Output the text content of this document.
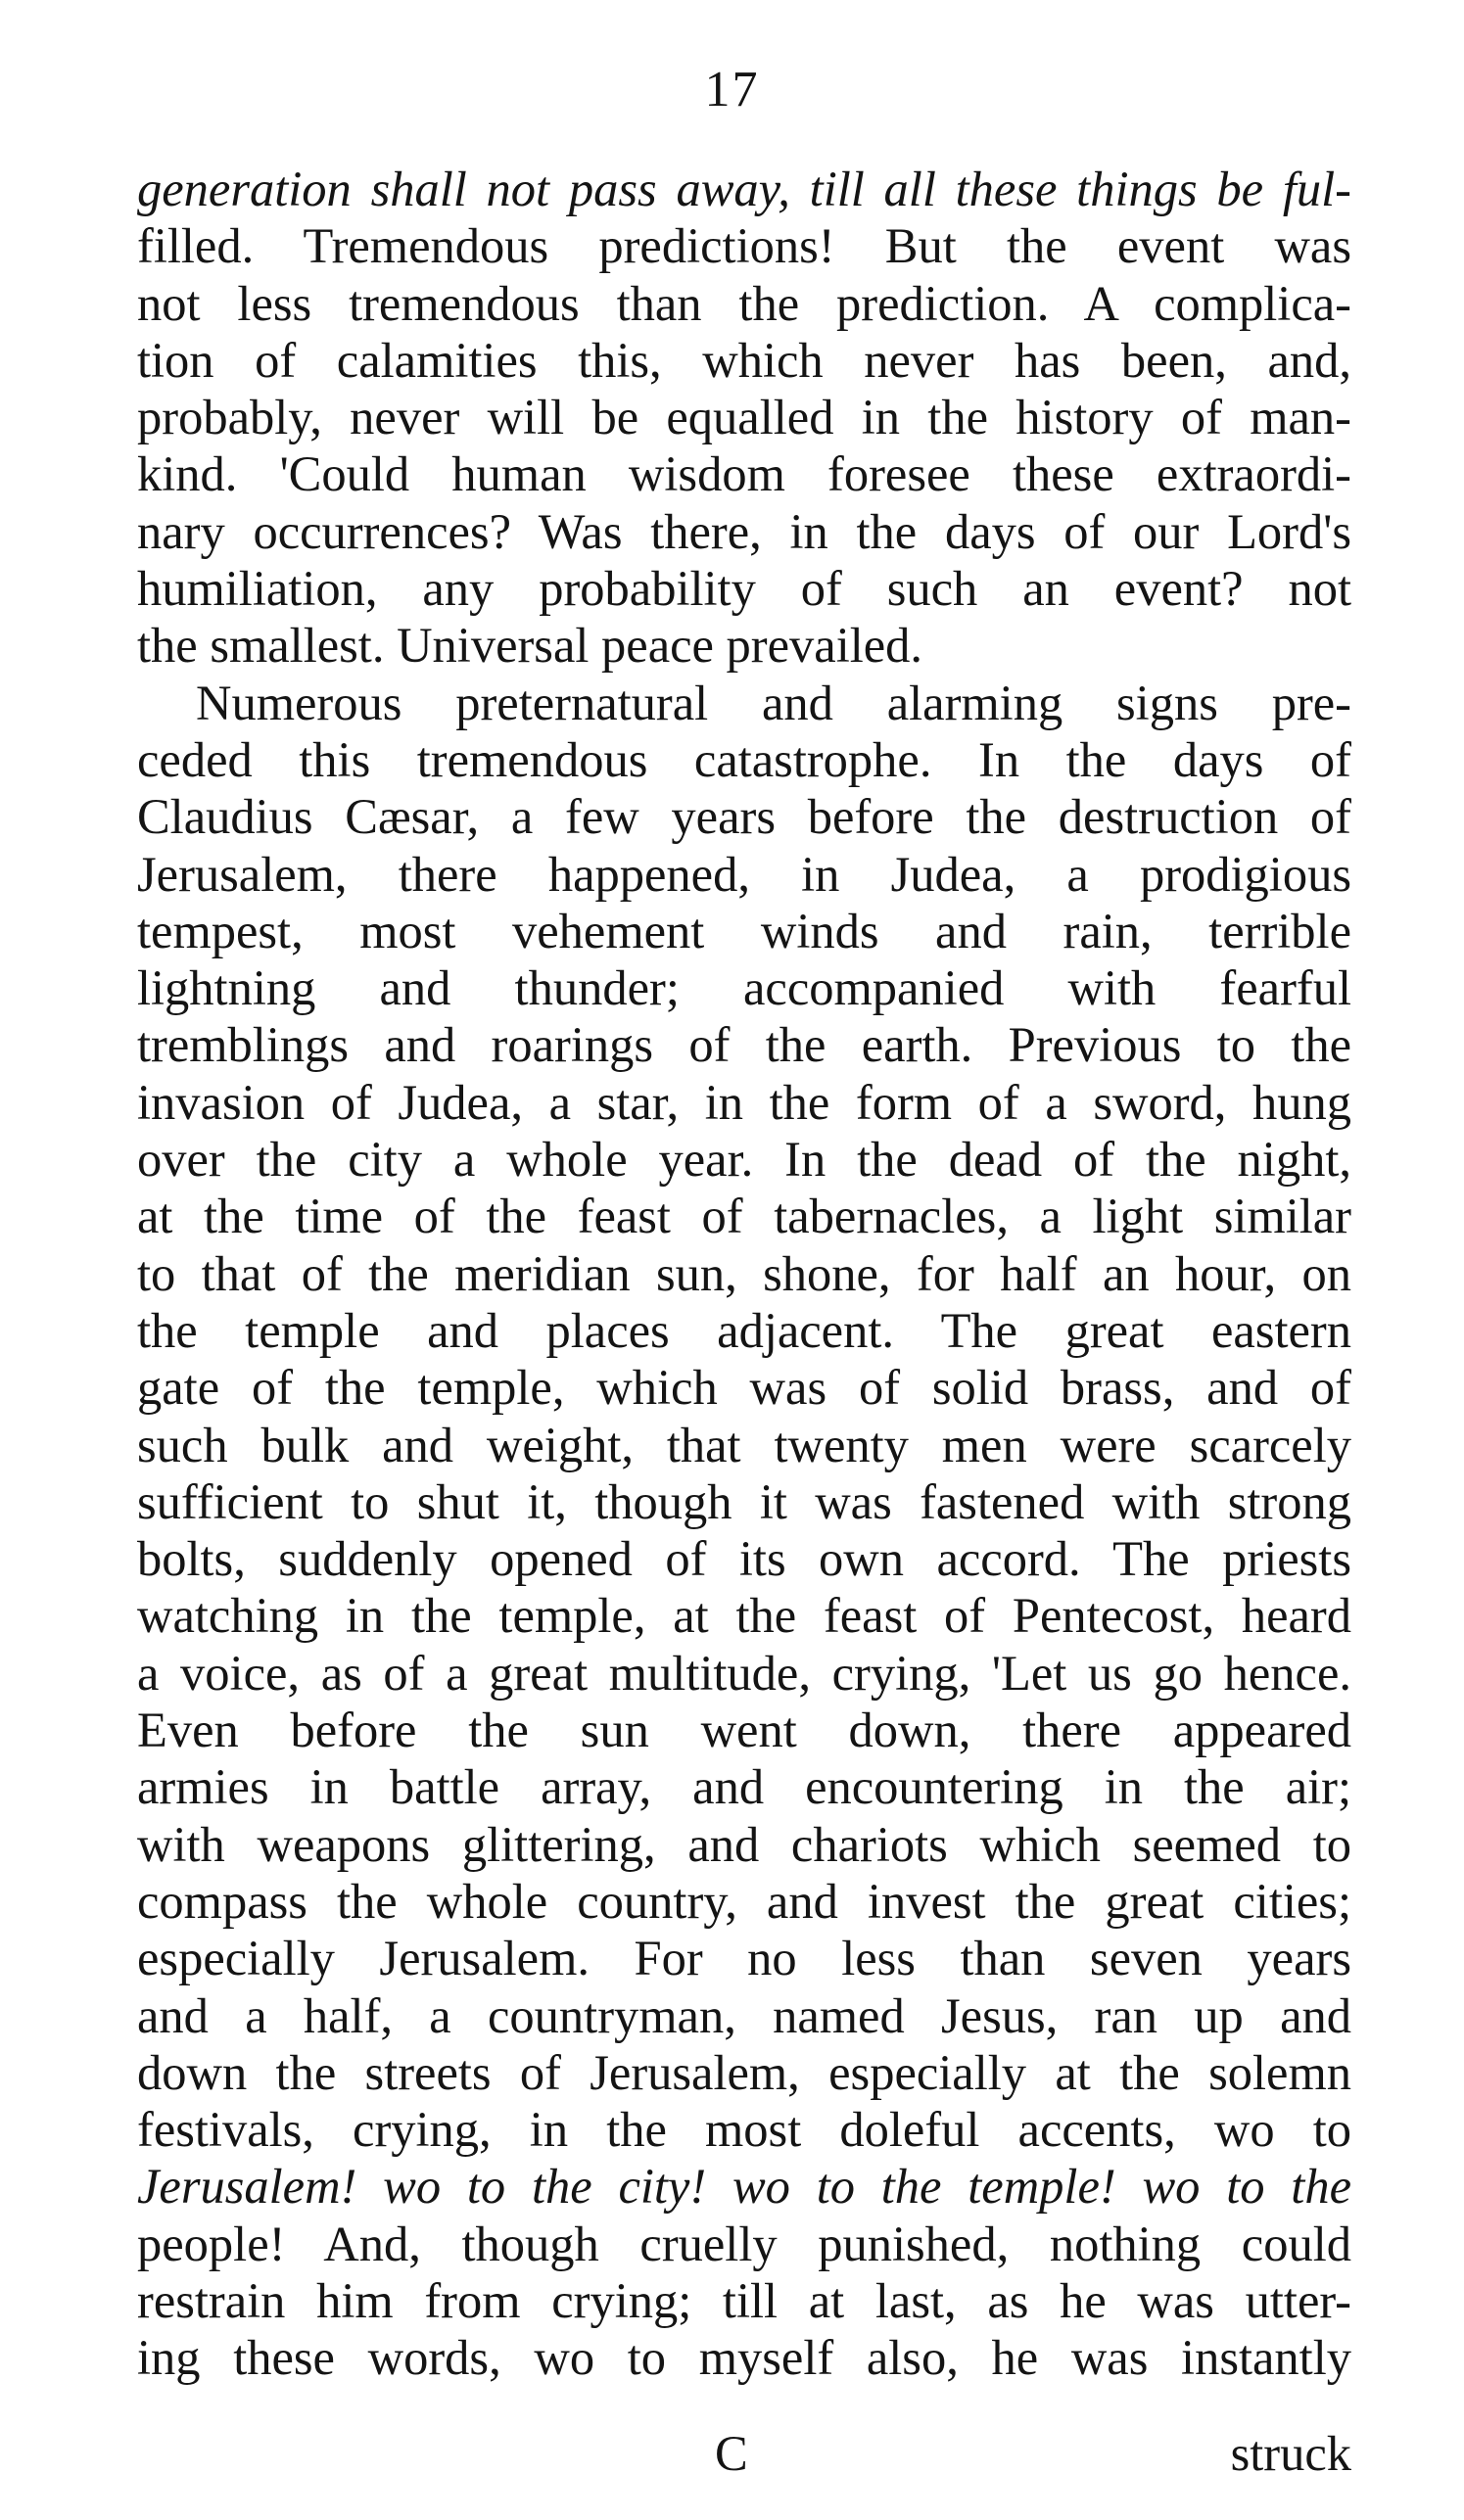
17
generation shall not pass away, till all these things be ful-
filled. Tremendous predictions! But the event was
not less tremendous than the prediction. A complica-
tion of calamities this, which never has been, and,
probably, never will be equalled in the history of man-
kind. 'Could human wisdom foresee these extraordi-
nary occurrences? Was there, in the days of our Lord's
humiliation, any probability of such an event? not
the smallest. Universal peace prevailed.
Numerous preternatural and alarming signs pre-
ceded this tremendous catastrophe. In the days of
Claudius Cæsar, a few years before the destruction of
Jerusalem, there happened, in Judea, a prodigious
tempest, most vehement winds and rain, terrible
lightning and thunder; accompanied with fearful
tremblings and roarings of the earth. Previous to the
invasion of Judea, a star, in the form of a sword, hung
over the city a whole year. In the dead of the night,
at the time of the feast of tabernacles, a light similar
to that of the meridian sun, shone, for half an hour, on
the temple and places adjacent. The great eastern
gate of the temple, which was of solid brass, and of
such bulk and weight, that twenty men were scarcely
sufficient to shut it, though it was fastened with strong
bolts, suddenly opened of its own accord. The priests
watching in the temple, at the feast of Pentecost, heard
a voice, as of a great multitude, crying, 'Let us go hence.
Even before the sun went down, there appeared
armies in battle array, and encountering in the air;
with weapons glittering, and chariots which seemed to
compass the whole country, and invest the great cities;
especially Jerusalem. For no less than seven years
and a half, a countryman, named Jesus, ran up and
down the streets of Jerusalem, especially at the solemn
festivals, crying, in the most doleful accents, wo to
Jerusalem! wo to the city! wo to the temple! wo to the
people! And, though cruelly punished, nothing could
restrain him from crying; till at last, as he was utter-
ing these words, wo to myself also, he was instantly
C	struck
